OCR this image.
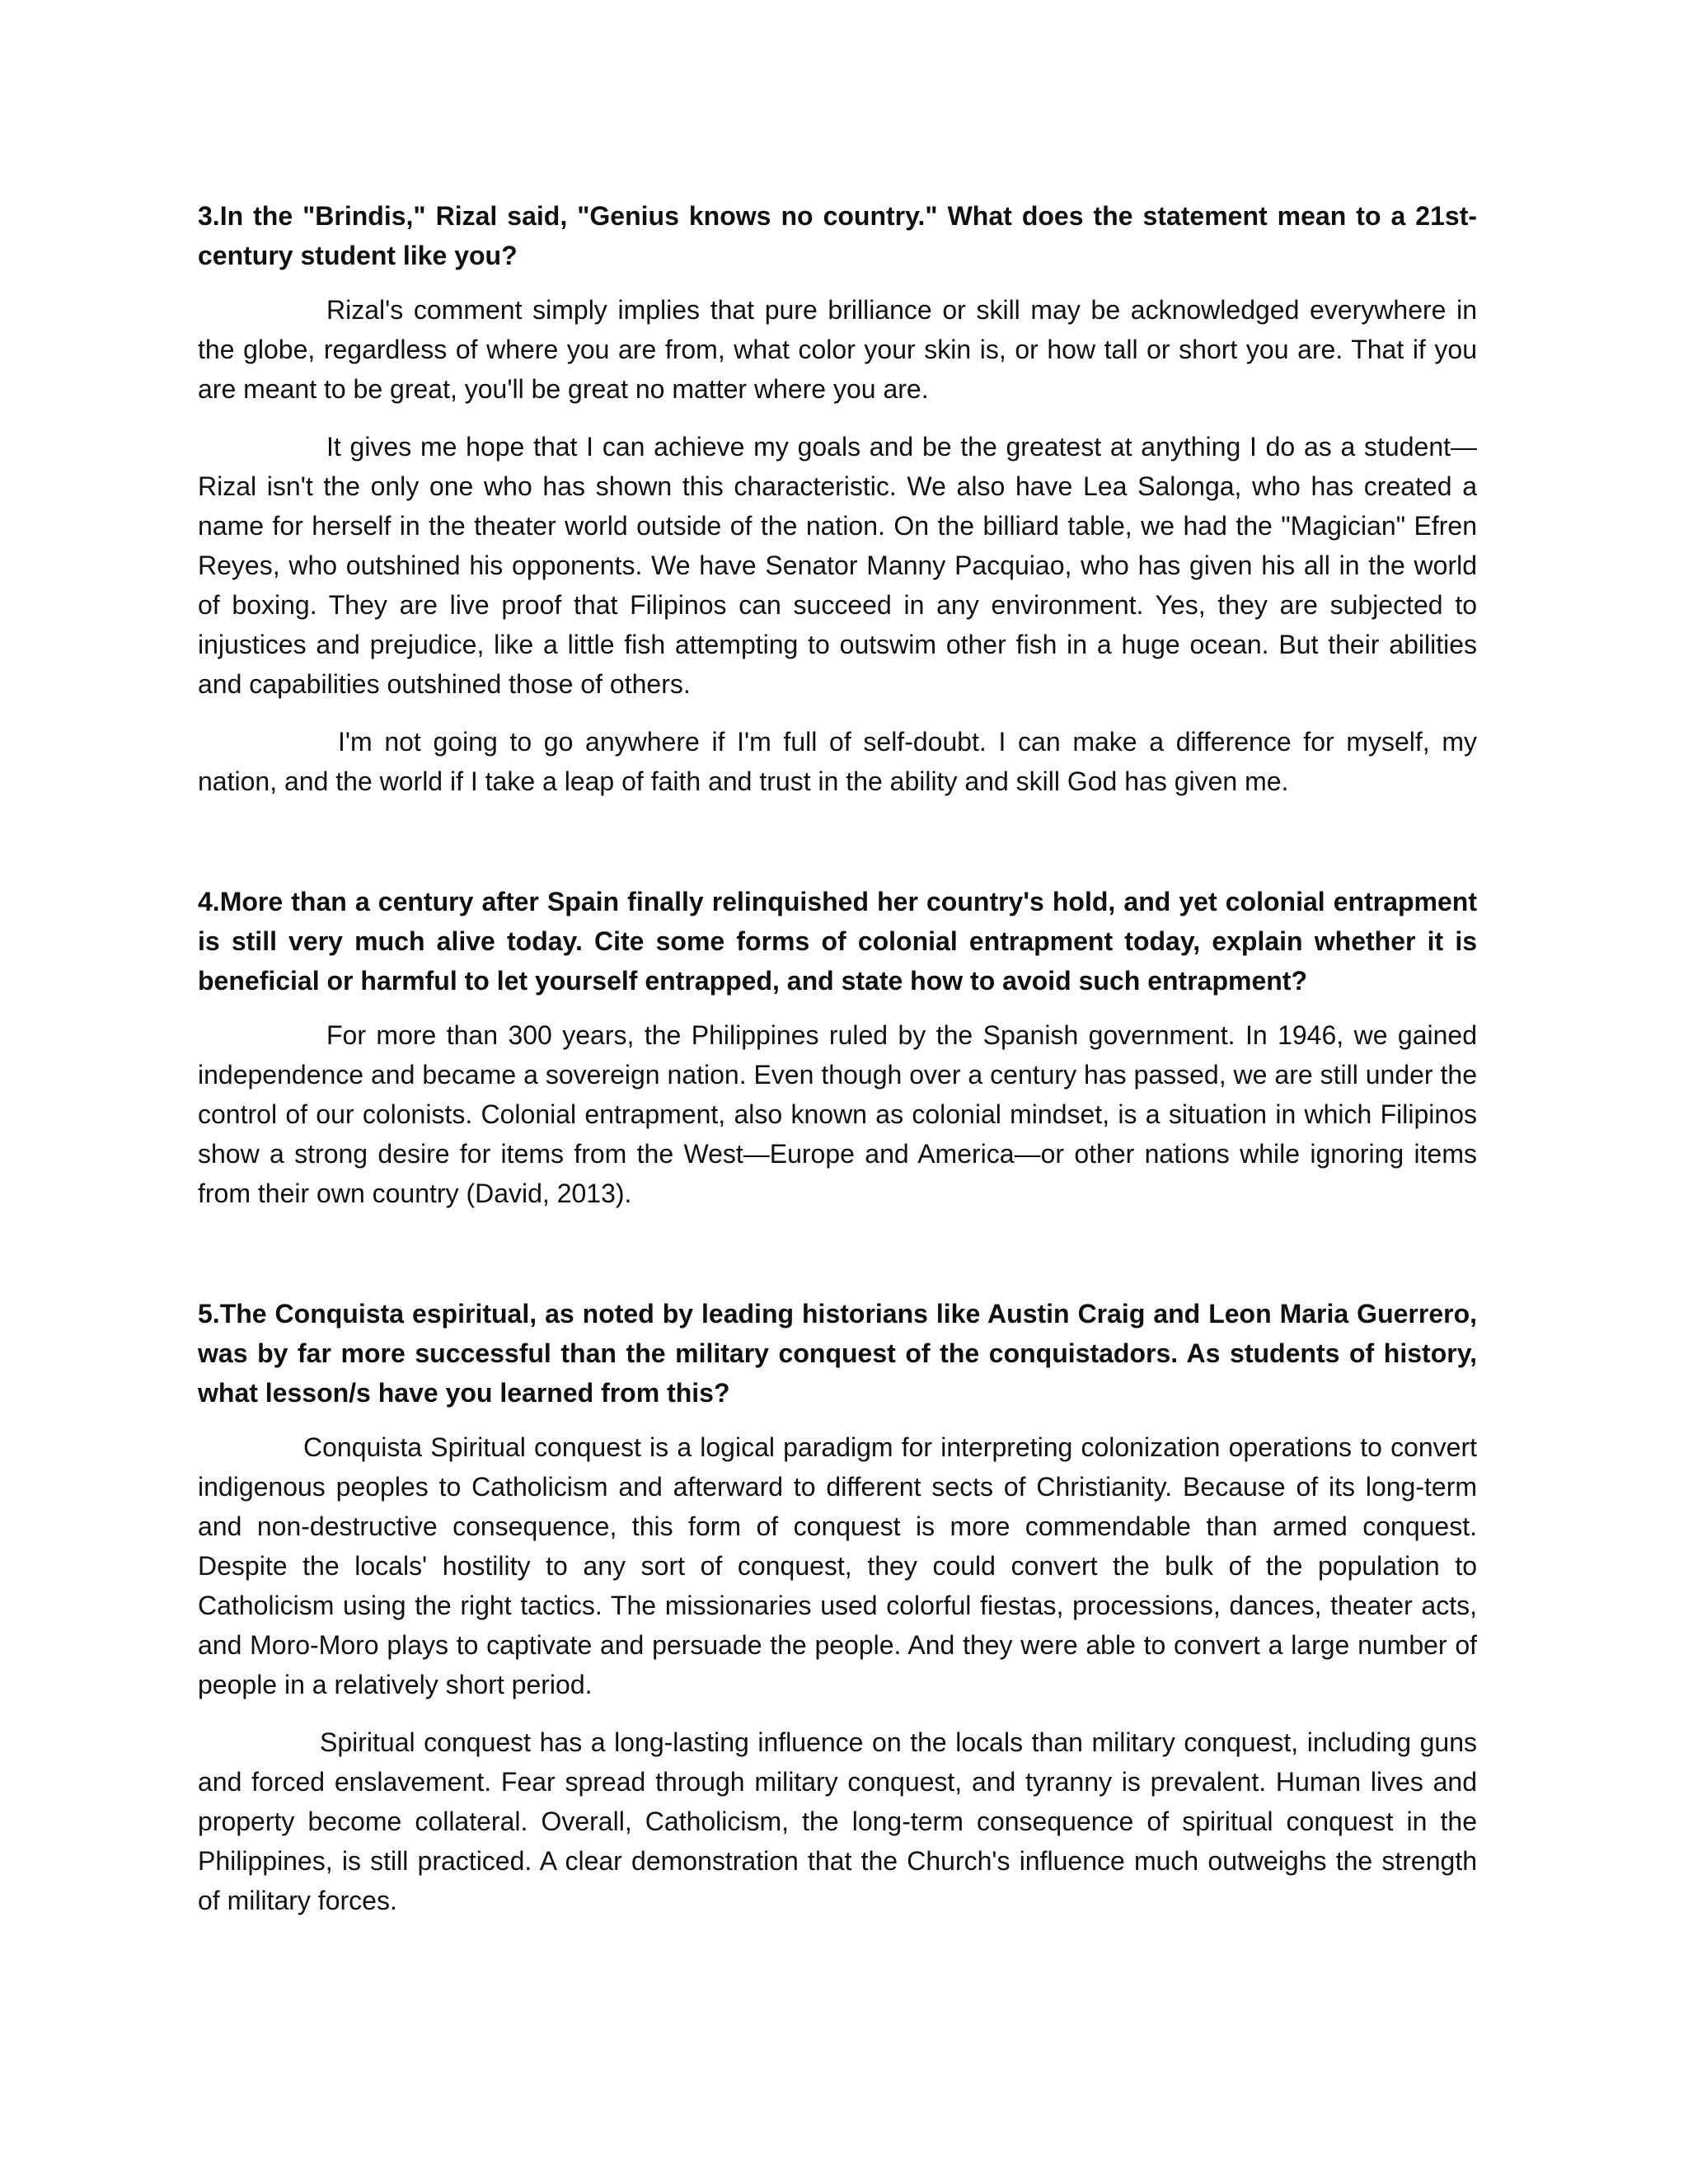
3.In the "Brindis," Rizal said, "Genius knows no country." What does the statement mean to a 21st-century student like you?

Rizal's comment simply implies that pure brilliance or skill may be acknowledged everywhere in the globe, regardless of where you are from, what color your skin is, or how tall or short you are. That if you are meant to be great, you'll be great no matter where you are.

It gives me hope that I can achieve my goals and be the greatest at anything I do as a student—Rizal isn't the only one who has shown this characteristic. We also have Lea Salonga, who has created a name for herself in the theater world outside of the nation. On the billiard table, we had the "Magician" Efren Reyes, who outshined his opponents. We have Senator Manny Pacquiao, who has given his all in the world of boxing. They are live proof that Filipinos can succeed in any environment. Yes, they are subjected to injustices and prejudice, like a little fish attempting to outswim other fish in a huge ocean. But their abilities and capabilities outshined those of others.

I'm not going to go anywhere if I'm full of self-doubt. I can make a difference for myself, my nation, and the world if I take a leap of faith and trust in the ability and skill God has given me.

4.More than a century after Spain finally relinquished her country's hold, and yet colonial entrapment is still very much alive today. Cite some forms of colonial entrapment today, explain whether it is beneficial or harmful to let yourself entrapped, and state how to avoid such entrapment?

For more than 300 years, the Philippines ruled by the Spanish government. In 1946, we gained independence and became a sovereign nation. Even though over a century has passed, we are still under the control of our colonists. Colonial entrapment, also known as colonial mindset, is a situation in which Filipinos show a strong desire for items from the West—Europe and America—or other nations while ignoring items from their own country (David, 2013).

5.The Conquista espiritual, as noted by leading historians like Austin Craig and Leon Maria Guerrero, was by far more successful than the military conquest of the conquistadors. As students of history, what lesson/s have you learned from this?

Conquista Spiritual conquest is a logical paradigm for interpreting colonization operations to convert indigenous peoples to Catholicism and afterward to different sects of Christianity. Because of its long-term and non-destructive consequence, this form of conquest is more commendable than armed conquest. Despite the locals' hostility to any sort of conquest, they could convert the bulk of the population to Catholicism using the right tactics. The missionaries used colorful fiestas, processions, dances, theater acts, and Moro-Moro plays to captivate and persuade the people. And they were able to convert a large number of people in a relatively short period.

Spiritual conquest has a long-lasting influence on the locals than military conquest, including guns and forced enslavement. Fear spread through military conquest, and tyranny is prevalent. Human lives and property become collateral. Overall, Catholicism, the long-term consequence of spiritual conquest in the Philippines, is still practiced. A clear demonstration that the Church's influence much outweighs the strength of military forces.
